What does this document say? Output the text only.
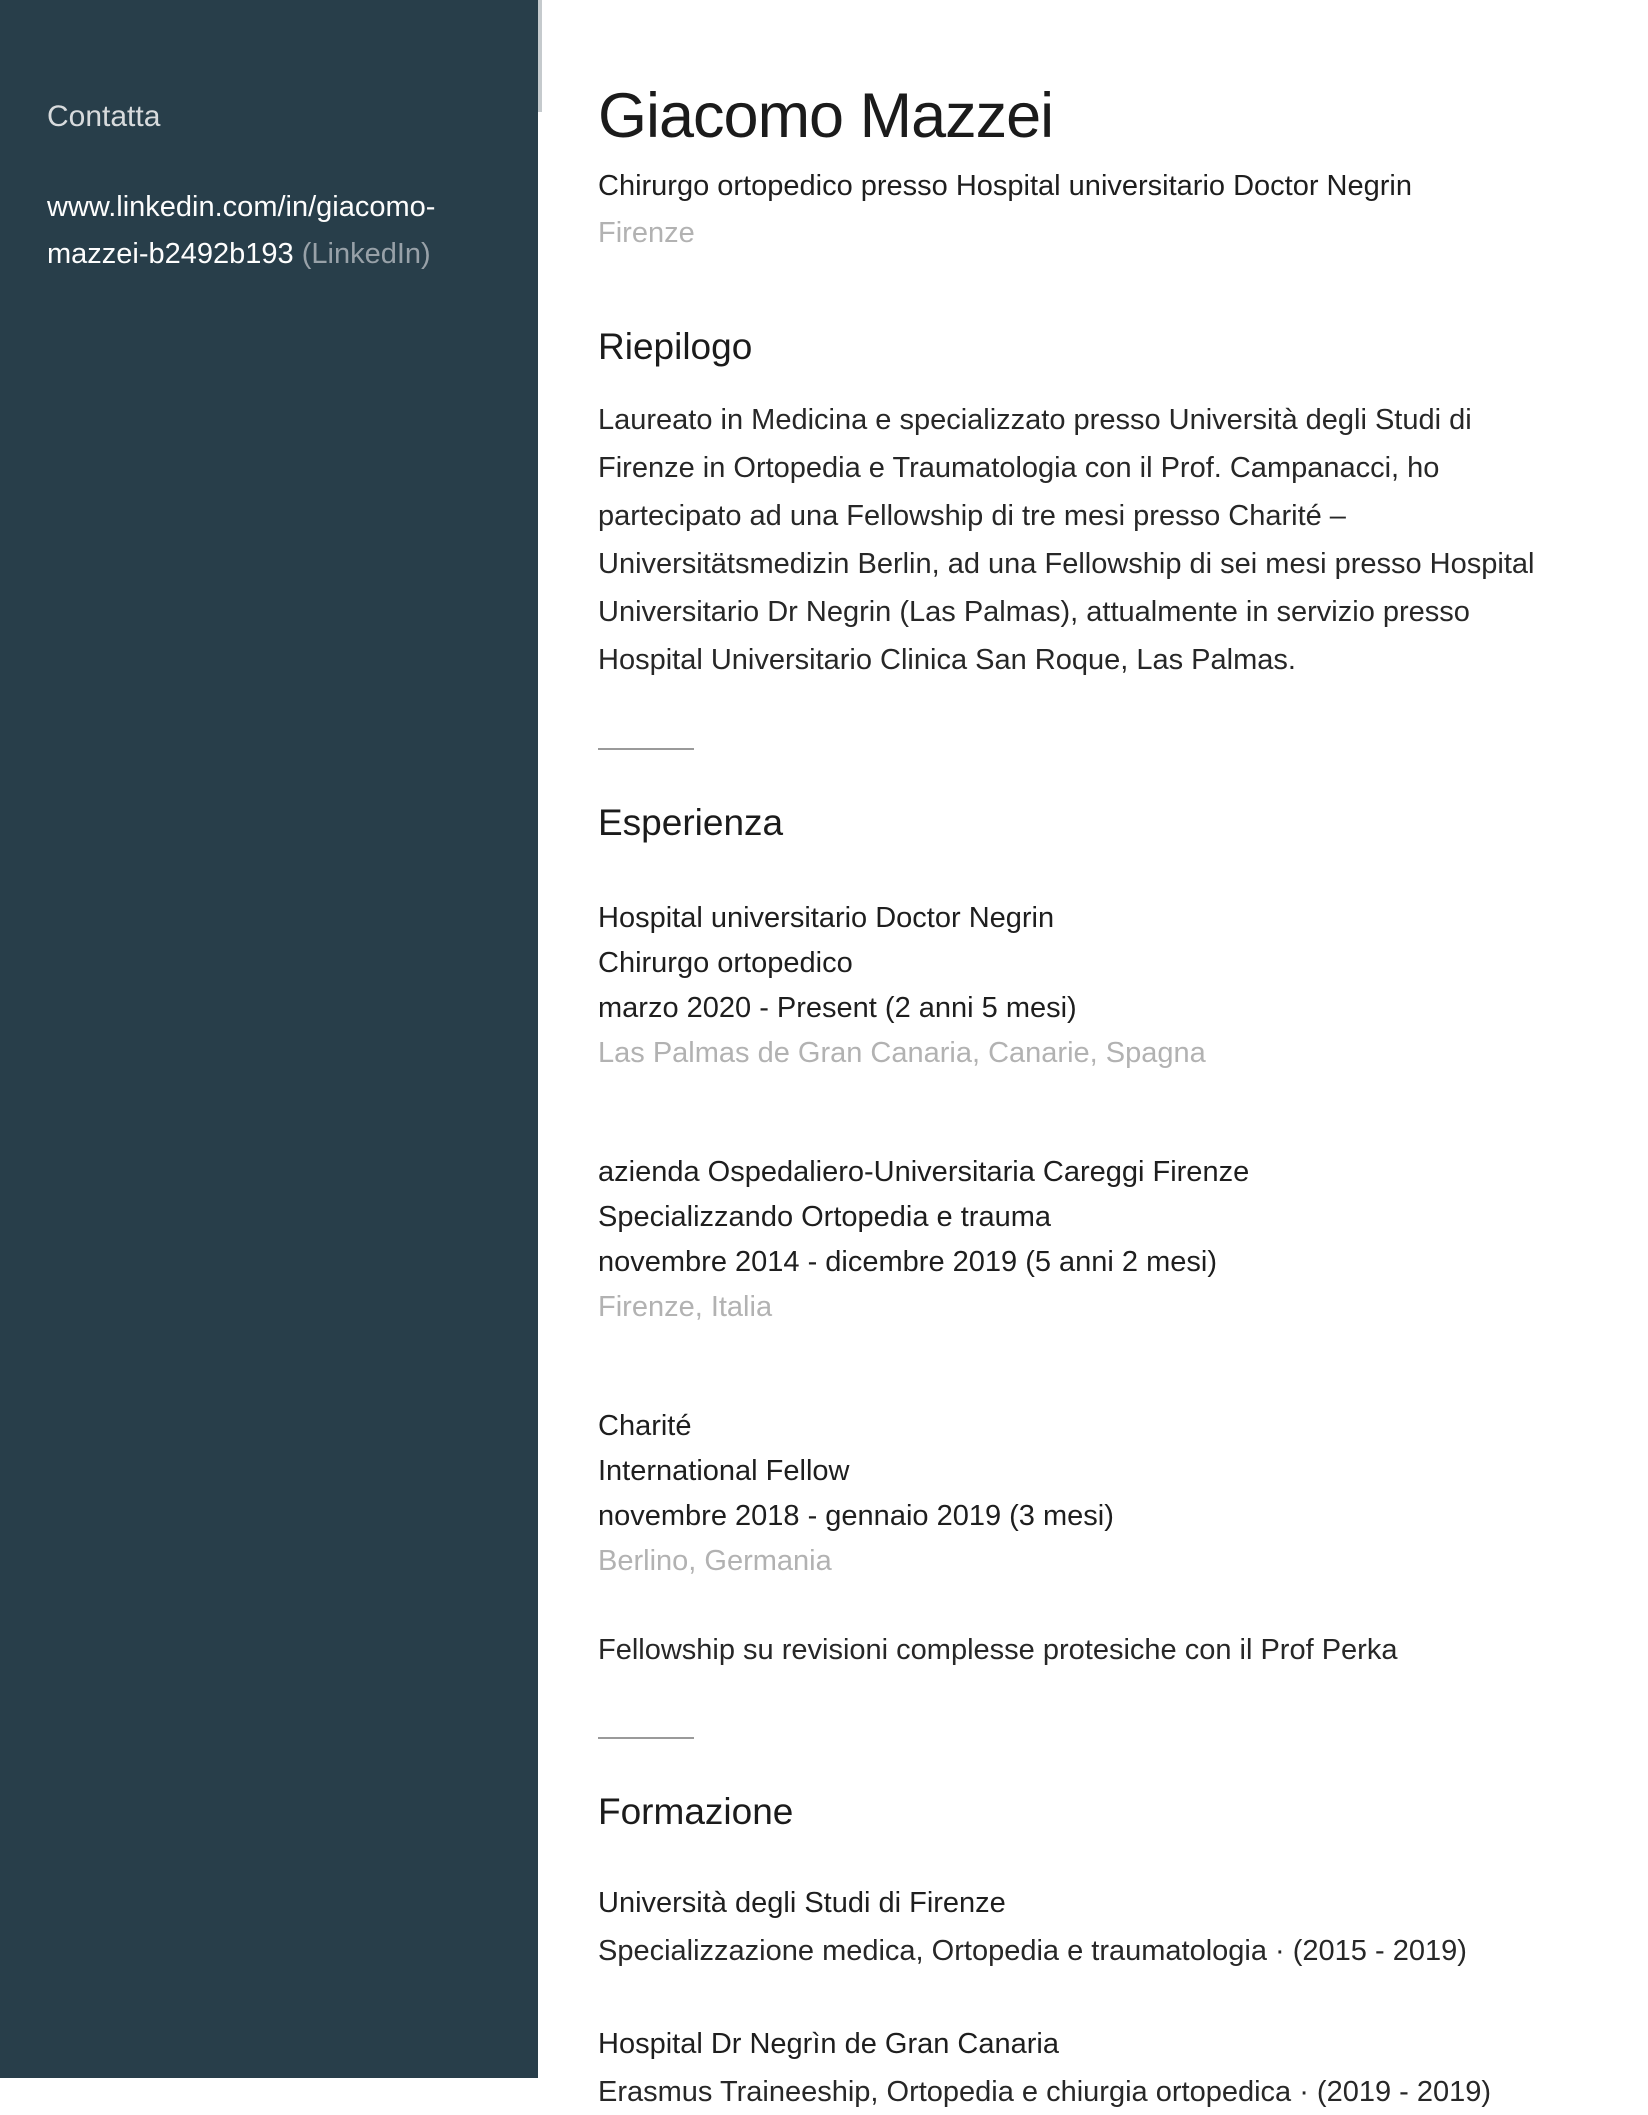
Contatta
www.linkedin.com/in/giacomo-
mazzei-b2492b193 (LinkedIn)
Giacomo Mazzei
Chirurgo ortopedico presso Hospital universitario Doctor Negrin
Firenze
Riepilogo

Laureato in Medicina e specializzato presso Università degli Studi di Firenze in Ortopedia e Traumatologia con il Prof. Campanacci, ho partecipato ad una Fellowship di tre mesi presso Charité – Universitätsmedizin Berlin, ad una Fellowship di sei mesi presso Hospital Universitario Dr Negrin (Las Palmas), attualmente in servizio presso Hospital Universitario Clinica San Roque, Las Palmas.

Esperienza
Hospital universitario Doctor Negrin
Chirurgo ortopedico
marzo 2020 - Present (2 anni 5 mesi)
Las Palmas de Gran Canaria, Canarie, Spagna
azienda Ospedaliero-Universitaria Careggi Firenze
Specializzando Ortopedia e trauma
novembre 2014 - dicembre 2019 (5 anni 2 mesi)
Firenze, Italia
Charité
International Fellow
novembre 2018 - gennaio 2019 (3 mesi)
Berlino, Germania
Fellowship su revisioni complesse protesiche con il Prof Perka
Formazione
Università degli Studi di Firenze
Specializzazione medica, Ortopedia e traumatologia · (2015 - 2019)
Hospital Dr Negrìn de Gran Canaria
Erasmus Traineeship, Ortopedia e chiurgia ortopedica · (2019 - 2019)
